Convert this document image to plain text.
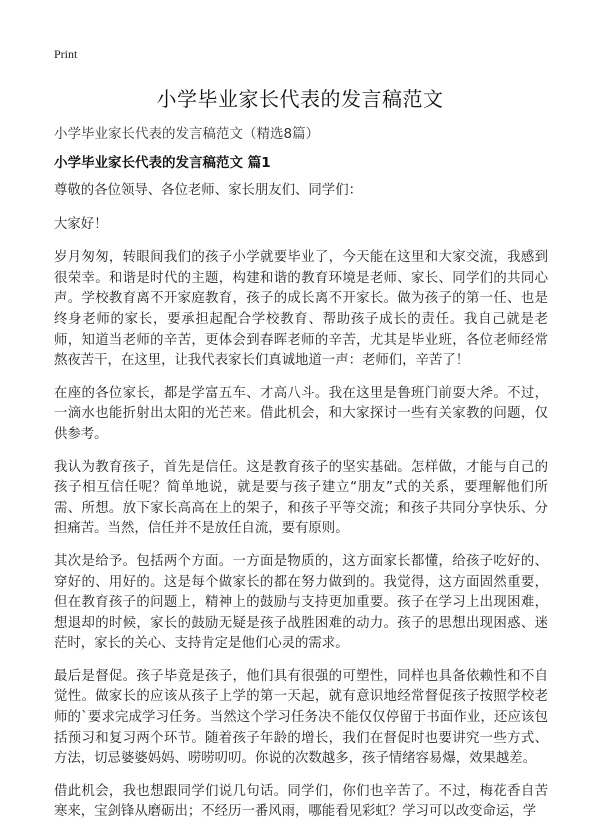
Print
小学毕业家长代表的发言稿范文
小学毕业家长代表的发言稿范文（精选8篇）
小学毕业家长代表的发言稿范文 篇1

尊敬的各位领导、各位老师、家长朋友们、同学们：

大家好！

岁月匆匆，转眼间我们的孩子小学就要毕业了，今天能在这里和大家交流，我感到很荣幸。和谐是时代的主题，构建和谐的教育环境是老师、家长、同学们的共同心声。学校教育离不开家庭教育，孩子的成长离不开家长。做为孩子的第一任、也是终身老师的家长，要承担起配合学校教育、帮助孩子成长的责任。我自己就是老师，知道当老师的辛苦，更体会到春晖老师的辛苦，尤其是毕业班，各位老师经常熬夜苦干，在这里，让我代表家长们真诚地道一声：老师们，辛苦了！

在座的各位家长，都是学富五车、才高八斗。我在这里是鲁班门前耍大斧。不过，一滴水也能折射出太阳的光芒来。借此机会，和大家探讨一些有关家教的问题，仅供参考。

我认为教育孩子，首先是信任。这是教育孩子的坚实基础。怎样做，才能与自己的孩子相互信任呢？简单地说，就是要与孩子建立“朋友”式的关系，要理解他们所需、所想。放下家长高高在上的架子，和孩子平等交流；和孩子共同分享快乐、分担痛苦。当然，信任并不是放任自流，要有原则。

其次是给予。包括两个方面。一方面是物质的，这方面家长都懂，给孩子吃好的、穿好的、用好的。这是每个做家长的都在努力做到的。我觉得，这方面固然重要，但在教育孩子的问题上，精神上的鼓励与支持更加重要。孩子在学习上出现困难，想退却的时候，家长的鼓励无疑是孩子战胜困难的动力。孩子的思想出现困惑、迷茫时，家长的关心、支持肯定是他们心灵的需求。

最后是督促。孩子毕竟是孩子，他们具有很强的可塑性，同样也具备依赖性和不自觉性。做家长的应该从孩子上学的第一天起，就有意识地经常督促孩子按照学校老师的`要求完成学习任务。当然这个学习任务决不能仅仅停留于书面作业，还应该包括预习和复习两个环节。随着孩子年龄的增长，我们在督促时也要讲究一些方式、方法，切忌婆婆妈妈、唠唠叨叨。你说的次数越多，孩子情绪容易爆，效果越差。

借此机会，我也想跟同学们说几句话。同学们，你们也辛苦了。不过，梅花香自苦寒来，宝剑锋从磨砺出；不经历一番风雨，哪能看见彩虹？学习可以改变命运，学
